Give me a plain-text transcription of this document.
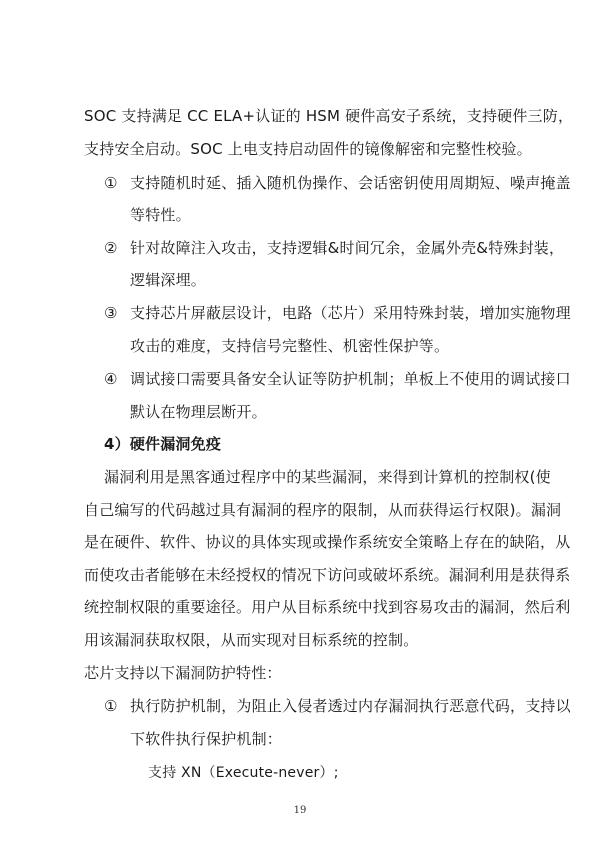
SOC 支持满足 CC ELA+认证的 HSM 硬件高安子系统，支持硬件三防，
支持安全启动。SOC 上电支持启动固件的镜像解密和完整性校验。
① 支持随机时延、插入随机伪操作、会话密钥使用周期短、噪声掩盖
等特性。
② 针对故障注入攻击，支持逻辑&时间冗余，金属外壳&特殊封装，
逻辑深埋。
③ 支持芯片屏蔽层设计，电路（芯片）采用特殊封装，增加实施物理
攻击的难度，支持信号完整性、机密性保护等。
④ 调试接口需要具备安全认证等防护机制；单板上不使用的调试接口
默认在物理层断开。
4）硬件漏洞免疫
漏洞利用是黑客通过程序中的某些漏洞，来得到计算机的控制权(使
自己编写的代码越过具有漏洞的程序的限制，从而获得运行权限)。漏洞
是在硬件、软件、协议的具体实现或操作系统安全策略上存在的缺陷，从
而使攻击者能够在未经授权的情况下访问或破坏系统。漏洞利用是获得系
统控制权限的重要途径。用户从目标系统中找到容易攻击的漏洞，然后利
用该漏洞获取权限，从而实现对目标系统的控制。
芯片支持以下漏洞防护特性：
① 执行防护机制，为阻止入侵者透过内存漏洞执行恶意代码，支持以
下软件执行保护机制：
支持 XN（Execute-never）;
19
